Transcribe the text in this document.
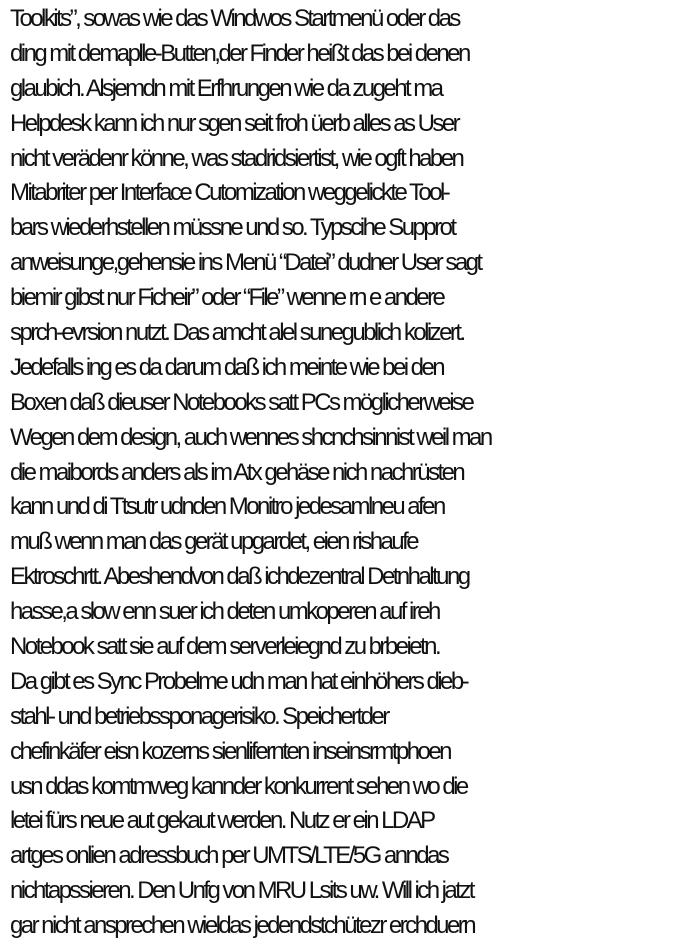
Toolkits”, sowas wie das Windwos Startmenü oder das
ding mit demaplle-Butten,der Finder heißt das bei denen
glaubich. Alsjemdn mit Erfhrungen wie da zugeht ma
Helpdesk kann ich nur sgen seit froh üerb alles as User
nicht verädenr könne, was stadridsiertist, wie ogft haben
Mitabriter per Interface Cutomization weggelickte Tool-
bars wiederhstellen müssne und so. Typscihe Supprot
anweisunge,gehensie ins Menü “Datei” dudner User sagt
biemir gibst nur Ficheir” oder “File” wenne rn e andere
sprch-evrsion nutzt. Das amcht alel sunegublich kolizert.
Jedefalls ing es da darum daß ich meinte wie bei den
Boxen daß dieuser Notebooks satt PCs möglicherweise
Wegen dem design, auch wennes shcnchsinnist weil man
die maibords anders als im Atx gehäse nich nachrüsten
kann und di Ttsutr udnden Monitro jedesamlneu afen
muß wenn man das gerät upgardet, eien rishaufe
Ektroschrtt. Abeshendvon daß ichdezentral Detnhaltung
hasse,a slow enn suer ich deten umkoperen auf ireh
Notebook satt sie auf dem serverleiegnd zu brbeietn.
Da gibt es Sync Probelme udn man hat einhöhers dieb-
stahl- und betriebssponagerisiko. Speichertder
chefinkäfer eisn kozerns sienlifernten inseinsrmtphoen
usn ddas komtmweg kannder konkurrent sehen wo die
letei fürs neue aut gekaut werden. Nutz er ein LDAP
artges onlien adressbuch per UMTS/LTE/5G anndas
nichtapssieren. Den Unfg von MRU Lsits uw. Will ich jatzt
gar nicht ansprechen wieldas jedendstchütezr erchduern
